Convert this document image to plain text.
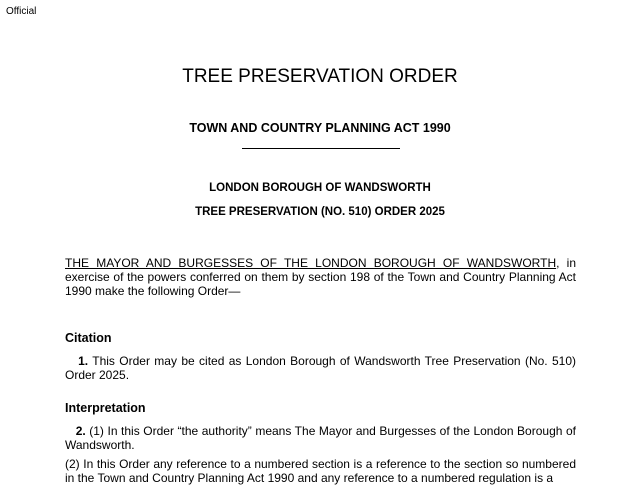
Official
TREE PRESERVATION ORDER
TOWN AND COUNTRY PLANNING ACT 1990
LONDON BOROUGH OF WANDSWORTH
TREE PRESERVATION (NO. 510) ORDER 2025
THE MAYOR AND BURGESSES OF THE LONDON BOROUGH OF WANDSWORTH, in exercise of the powers conferred on them by section 198 of the Town and Country Planning Act 1990 make the following Order—
Citation
1. This Order may be cited as London Borough of Wandsworth Tree Preservation (No. 510) Order 2025.
Interpretation
2. (1) In this Order “the authority” means The Mayor and Burgesses of the London Borough of Wandsworth.
(2) In this Order any reference to a numbered section is a reference to the section so numbered in the Town and Country Planning Act 1990 and any reference to a numbered regulation is a
